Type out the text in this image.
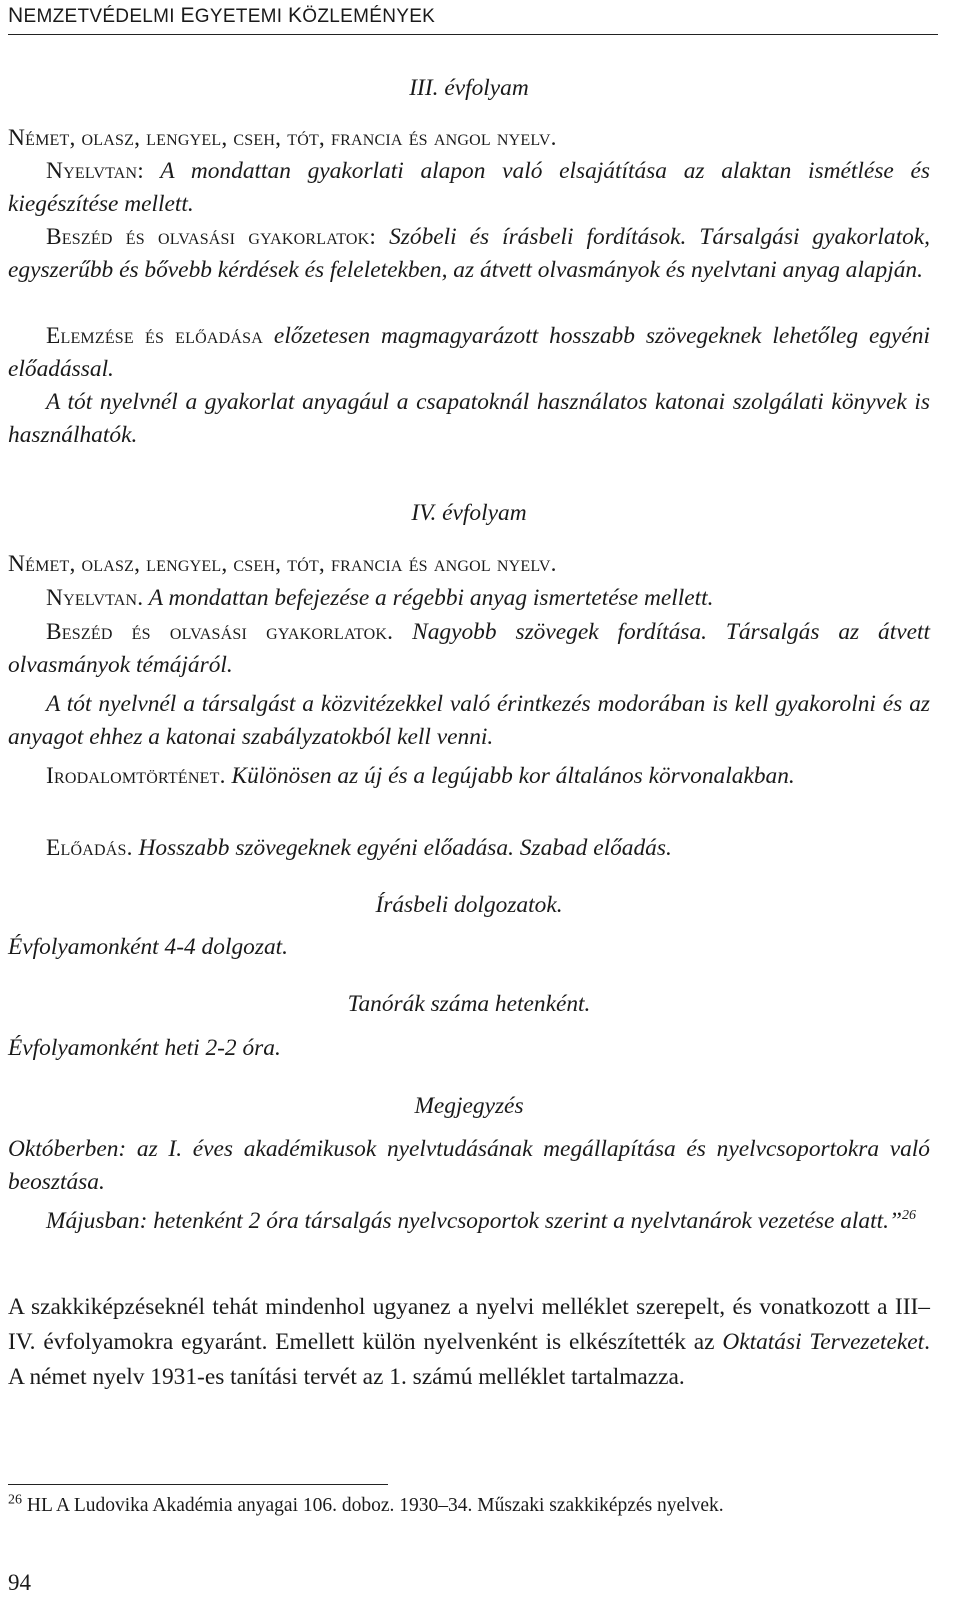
NEMZETVÉDELMI EGYETEMI KÖZLEMÉNYEK

III. évfolyam

Német, olasz, lengyel, cseh, tót, francia és angol nyelv.

Nyelvtan: A mondattan gyakorlati alapon való elsajátítása az alaktan ismétlése és kiegészítése mellett.

Beszéd és olvasási gyakorlatok: Szóbeli és írásbeli fordítások. Társalgási gyakorlatok, egyszerűbb és bővebb kérdések és feleletekben, az átvett olvasmányok és nyelvtani anyag alapján.

Elemzése és előadása előzetesen magmagyarázott hosszabb szövegeknek lehetőleg egyéni előadással.

A tót nyelvnél a gyakorlat anyagául a csapatoknál használatos katonai szolgálati könyvek is használhatók.

IV. évfolyam

Német, olasz, lengyel, cseh, tót, francia és angol nyelv.

Nyelvtan. A mondattan befejezése a régebbi anyag ismertetése mellett.

Beszéd és olvasási gyakorlatok. Nagyobb szövegek fordítása. Társalgás az átvett olvasmányok témájáról.

A tót nyelvnél a társalgást a közvitézekkel való érintkezés modorában is kell gyakorolni és az anyagot ehhez a katonai szabályzatokból kell venni.

Irodalomtörténet. Különösen az új és a legújabb kor általános körvonalakban.

Előadás. Hosszabb szövegeknek egyéni előadása. Szabad előadás.

Írásbeli dolgozatok.

Évfolyamonként 4-4 dolgozat.

Tanórák száma hetenként.

Évfolyamonként heti 2-2 óra.

Megjegyzés

Októberben: az I. éves akadémikusok nyelvtudásának megállapítása és nyelvcsoportokra való beosztása.

Májusban: hetenként 2 óra társalgás nyelvcsoportok szerint a nyelvtanárok vezetése alatt.”$^{26}$

A szakkiképzéseknél tehát mindenhol ugyanez a nyelvi melléklet szerepelt, és vonatkozott a III–IV. évfolyamokra egyaránt. Emellett külön nyelvenként is elkészítették az Oktatási Tervezeteket. A német nyelv 1931-es tanítási tervét az 1. számú melléklet tartalmazza.

$^{26}$ HL A Ludovika Akadémia anyagai 106. doboz. 1930–34. Műszaki szakkiképzés nyelvek.
94
